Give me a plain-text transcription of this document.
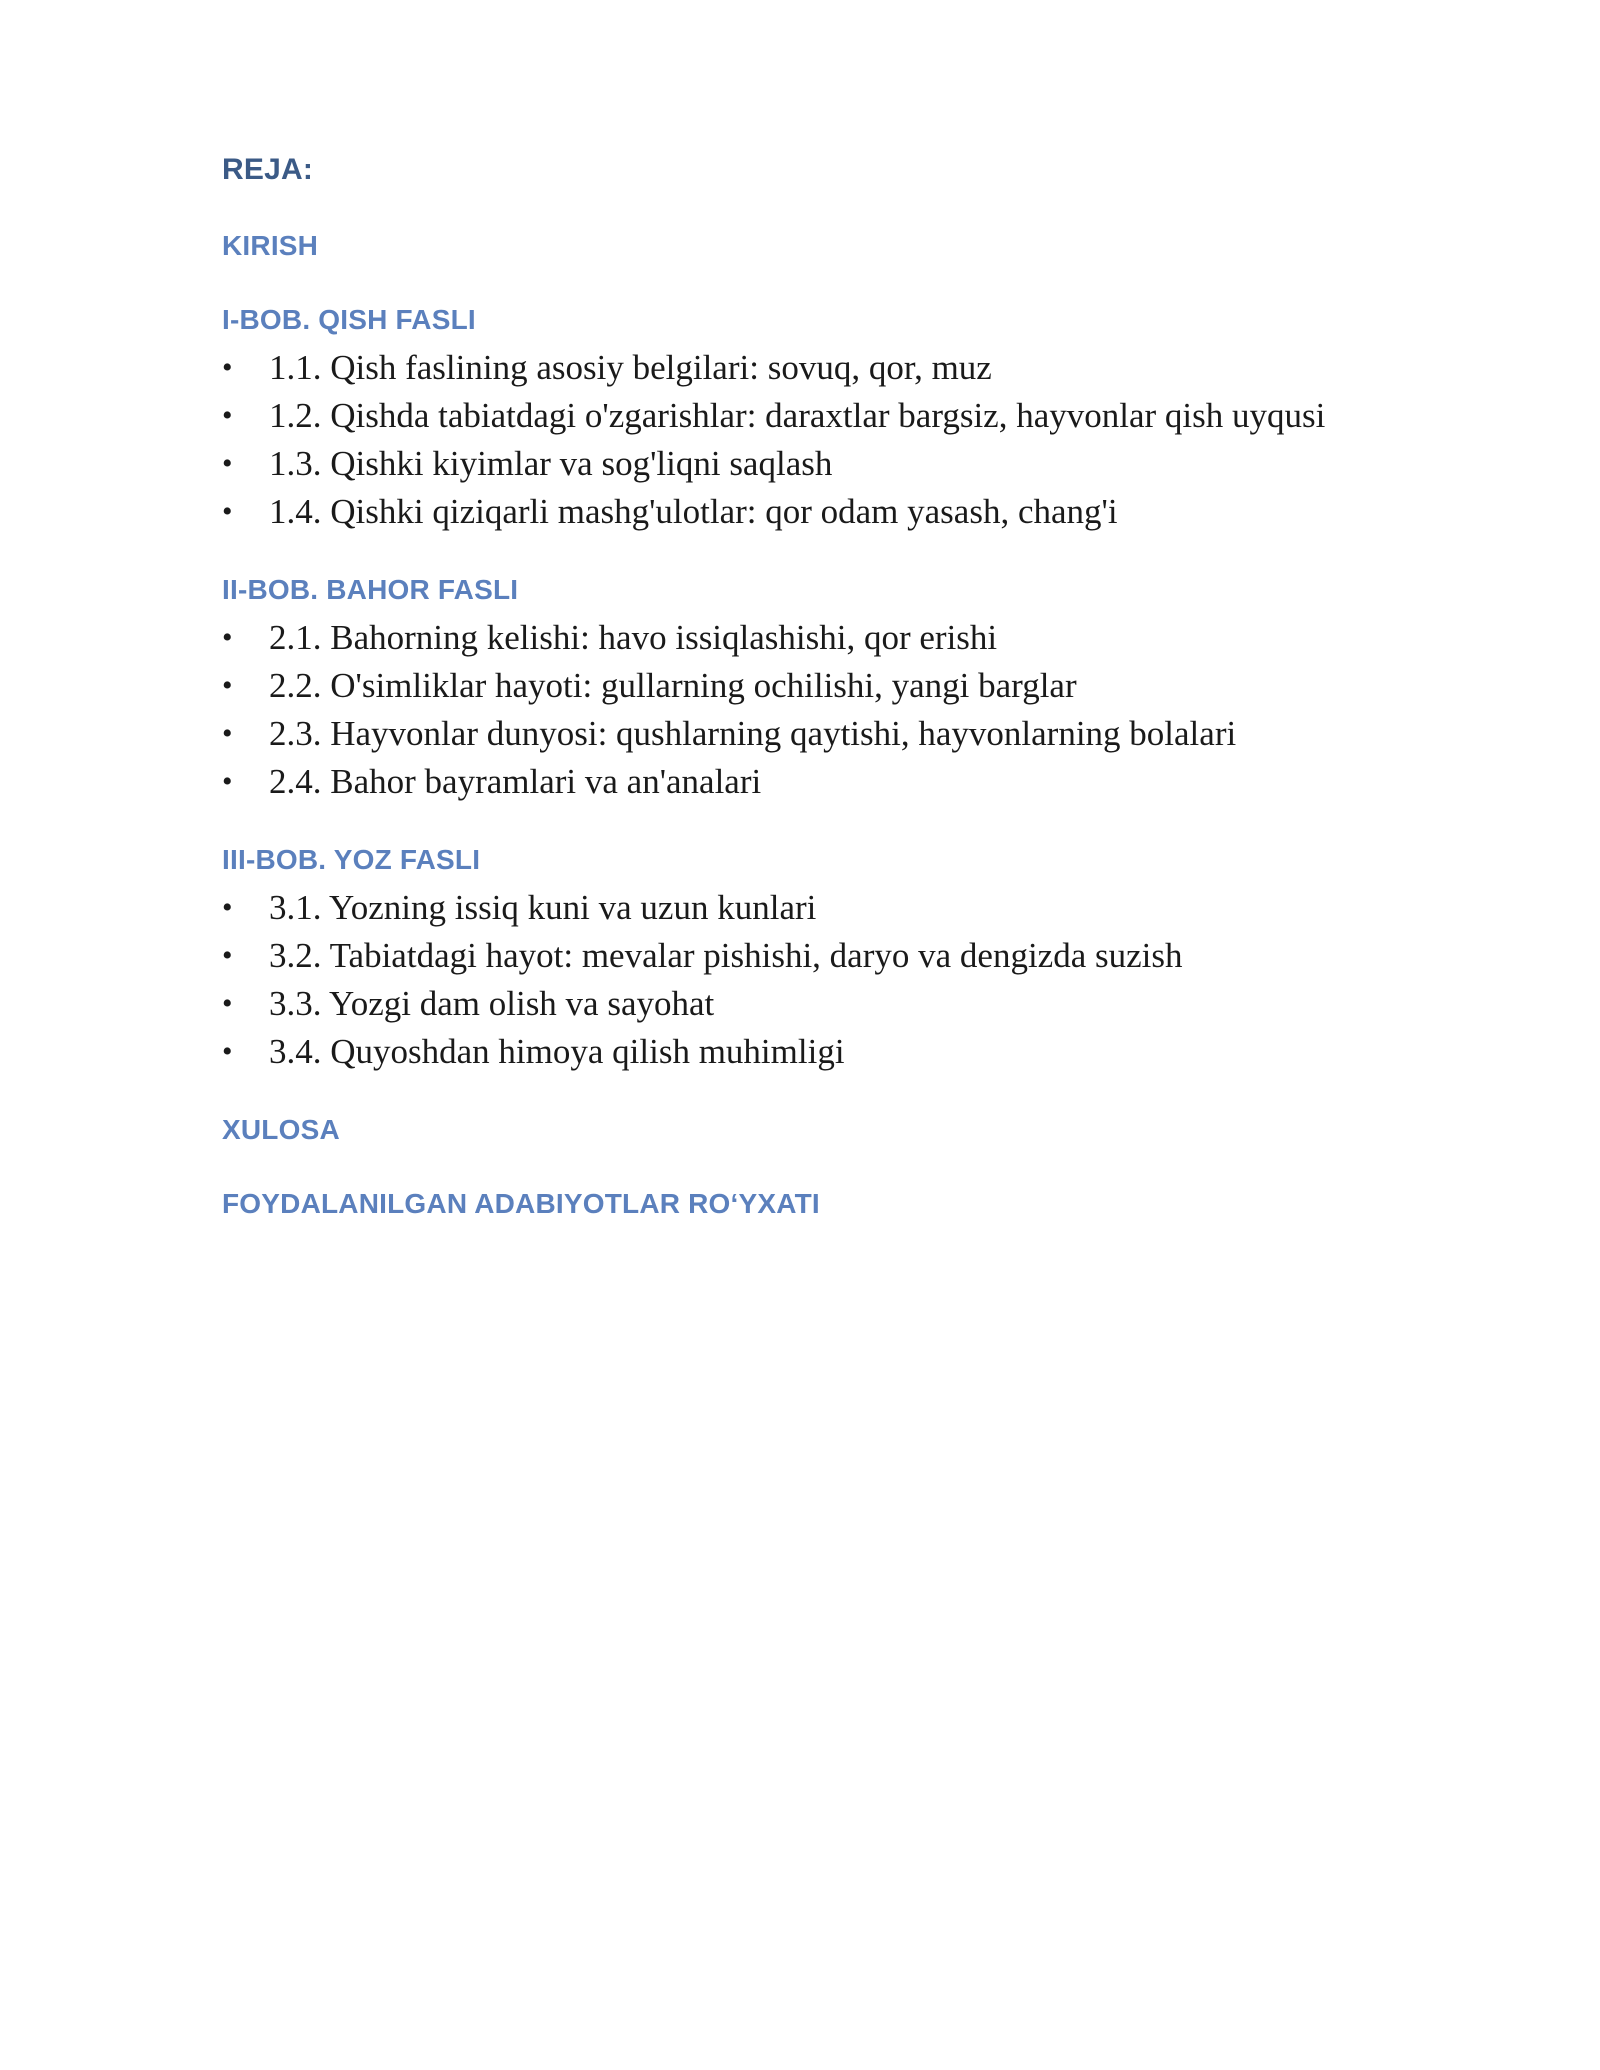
REJA:
KIRISH
I-BOB. QISH FASLI
• 1.1. Qish faslining asosiy belgilari: sovuq, qor, muz
• 1.2. Qishda tabiatdagi o'zgarishlar: daraxtlar bargsiz, hayvonlar qish uyqusi
• 1.3. Qishki kiyimlar va sog'liqni saqlash
• 1.4. Qishki qiziqarli mashg'ulotlar: qor odam yasash, chang'i
II-BOB. BAHOR FASLI
• 2.1. Bahorning kelishi: havo issiqlashishi, qor erishi
• 2.2. O'simliklar hayoti: gullarning ochilishi, yangi barglar
• 2.3. Hayvonlar dunyosi: qushlarning qaytishi, hayvonlarning bolalari
• 2.4. Bahor bayramlari va an'analari
III-BOB. YOZ FASLI
• 3.1. Yozning issiq kuni va uzun kunlari
• 3.2. Tabiatdagi hayot: mevalar pishishi, daryo va dengizda suzish
• 3.3. Yozgi dam olish va sayohat
• 3.4. Quyoshdan himoya qilish muhimligi
XULOSA
FOYDALANILGAN ADABIYOTLAR RO‘YXATI
